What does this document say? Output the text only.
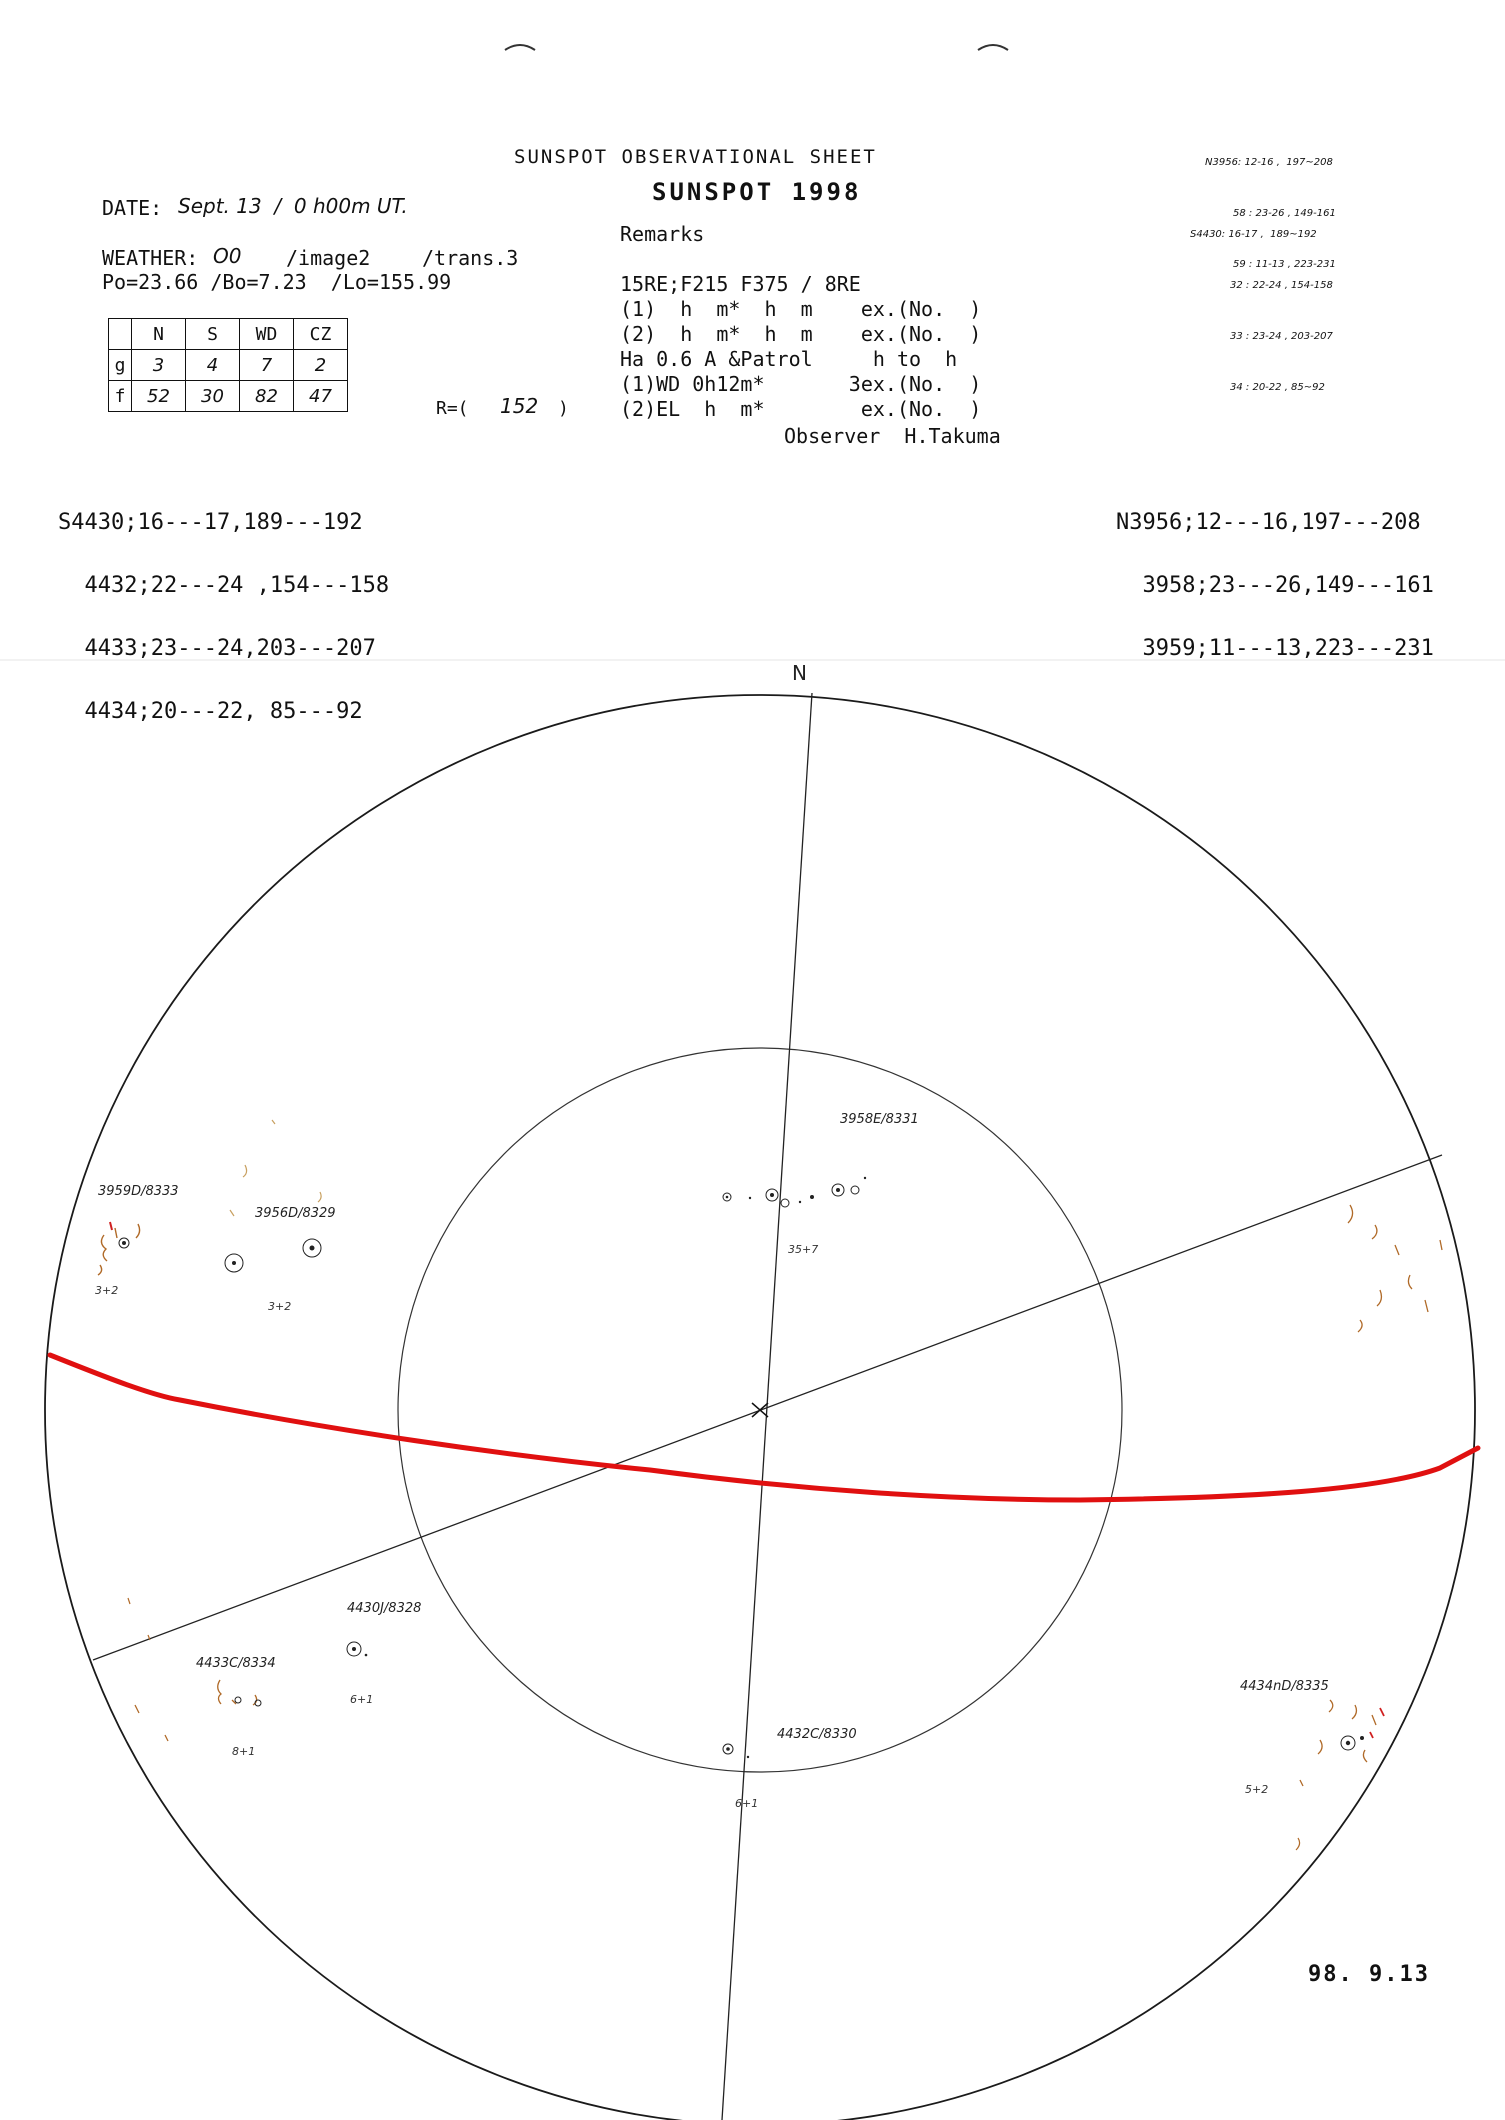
SUNSPOT OBSERVATIONAL SHEET
SUNSPOT 1998
DATE: Sept. 13  /  0 h00m UT.
WEATHER: O0 /image2	/trans.3
Po=23.66 /Bo=7.23  /Lo=155.99
	N	S	WD	CZ
g	3	4	7	2
f	52	30	82	47
R=( 152 )
Remarks
15RE;F215 F375 / 8RE
(1)  h  m*  h  m    ex.(No.  )
(2)  h  m*  h  m    ex.(No.  )
Ha 0.6 A &Patrol     h to  h
(1)WD 0h12m*       3ex.(No.  )
(2)EL  h  m*        ex.(No.  )
Observer  H.Takuma

N3956: 12-16 ,  197~208

58 : 23-26 , 149-161

59 : 11-13 , 223-231

S4430: 16-17 ,  189~192

32 : 22-24 , 154-158

33 : 23-24 , 203-207

34 : 20-22 , 85~92

S4430;16---17,189---192

4432;22---24 ,154---158

4433;23---24,203---207

4434;20---22, 85---92

N3956;12---16,197---208

3958;23---26,149---161

3959;11---13,223---231

N
3958E/8331
35+7
3959D/8333
3+2
3956D/8329
3+2
4430J/8328
6+1
4433C/8334
8+1
4432C/8330
6+1
4434nD/8335
5+2
98. 9.13
